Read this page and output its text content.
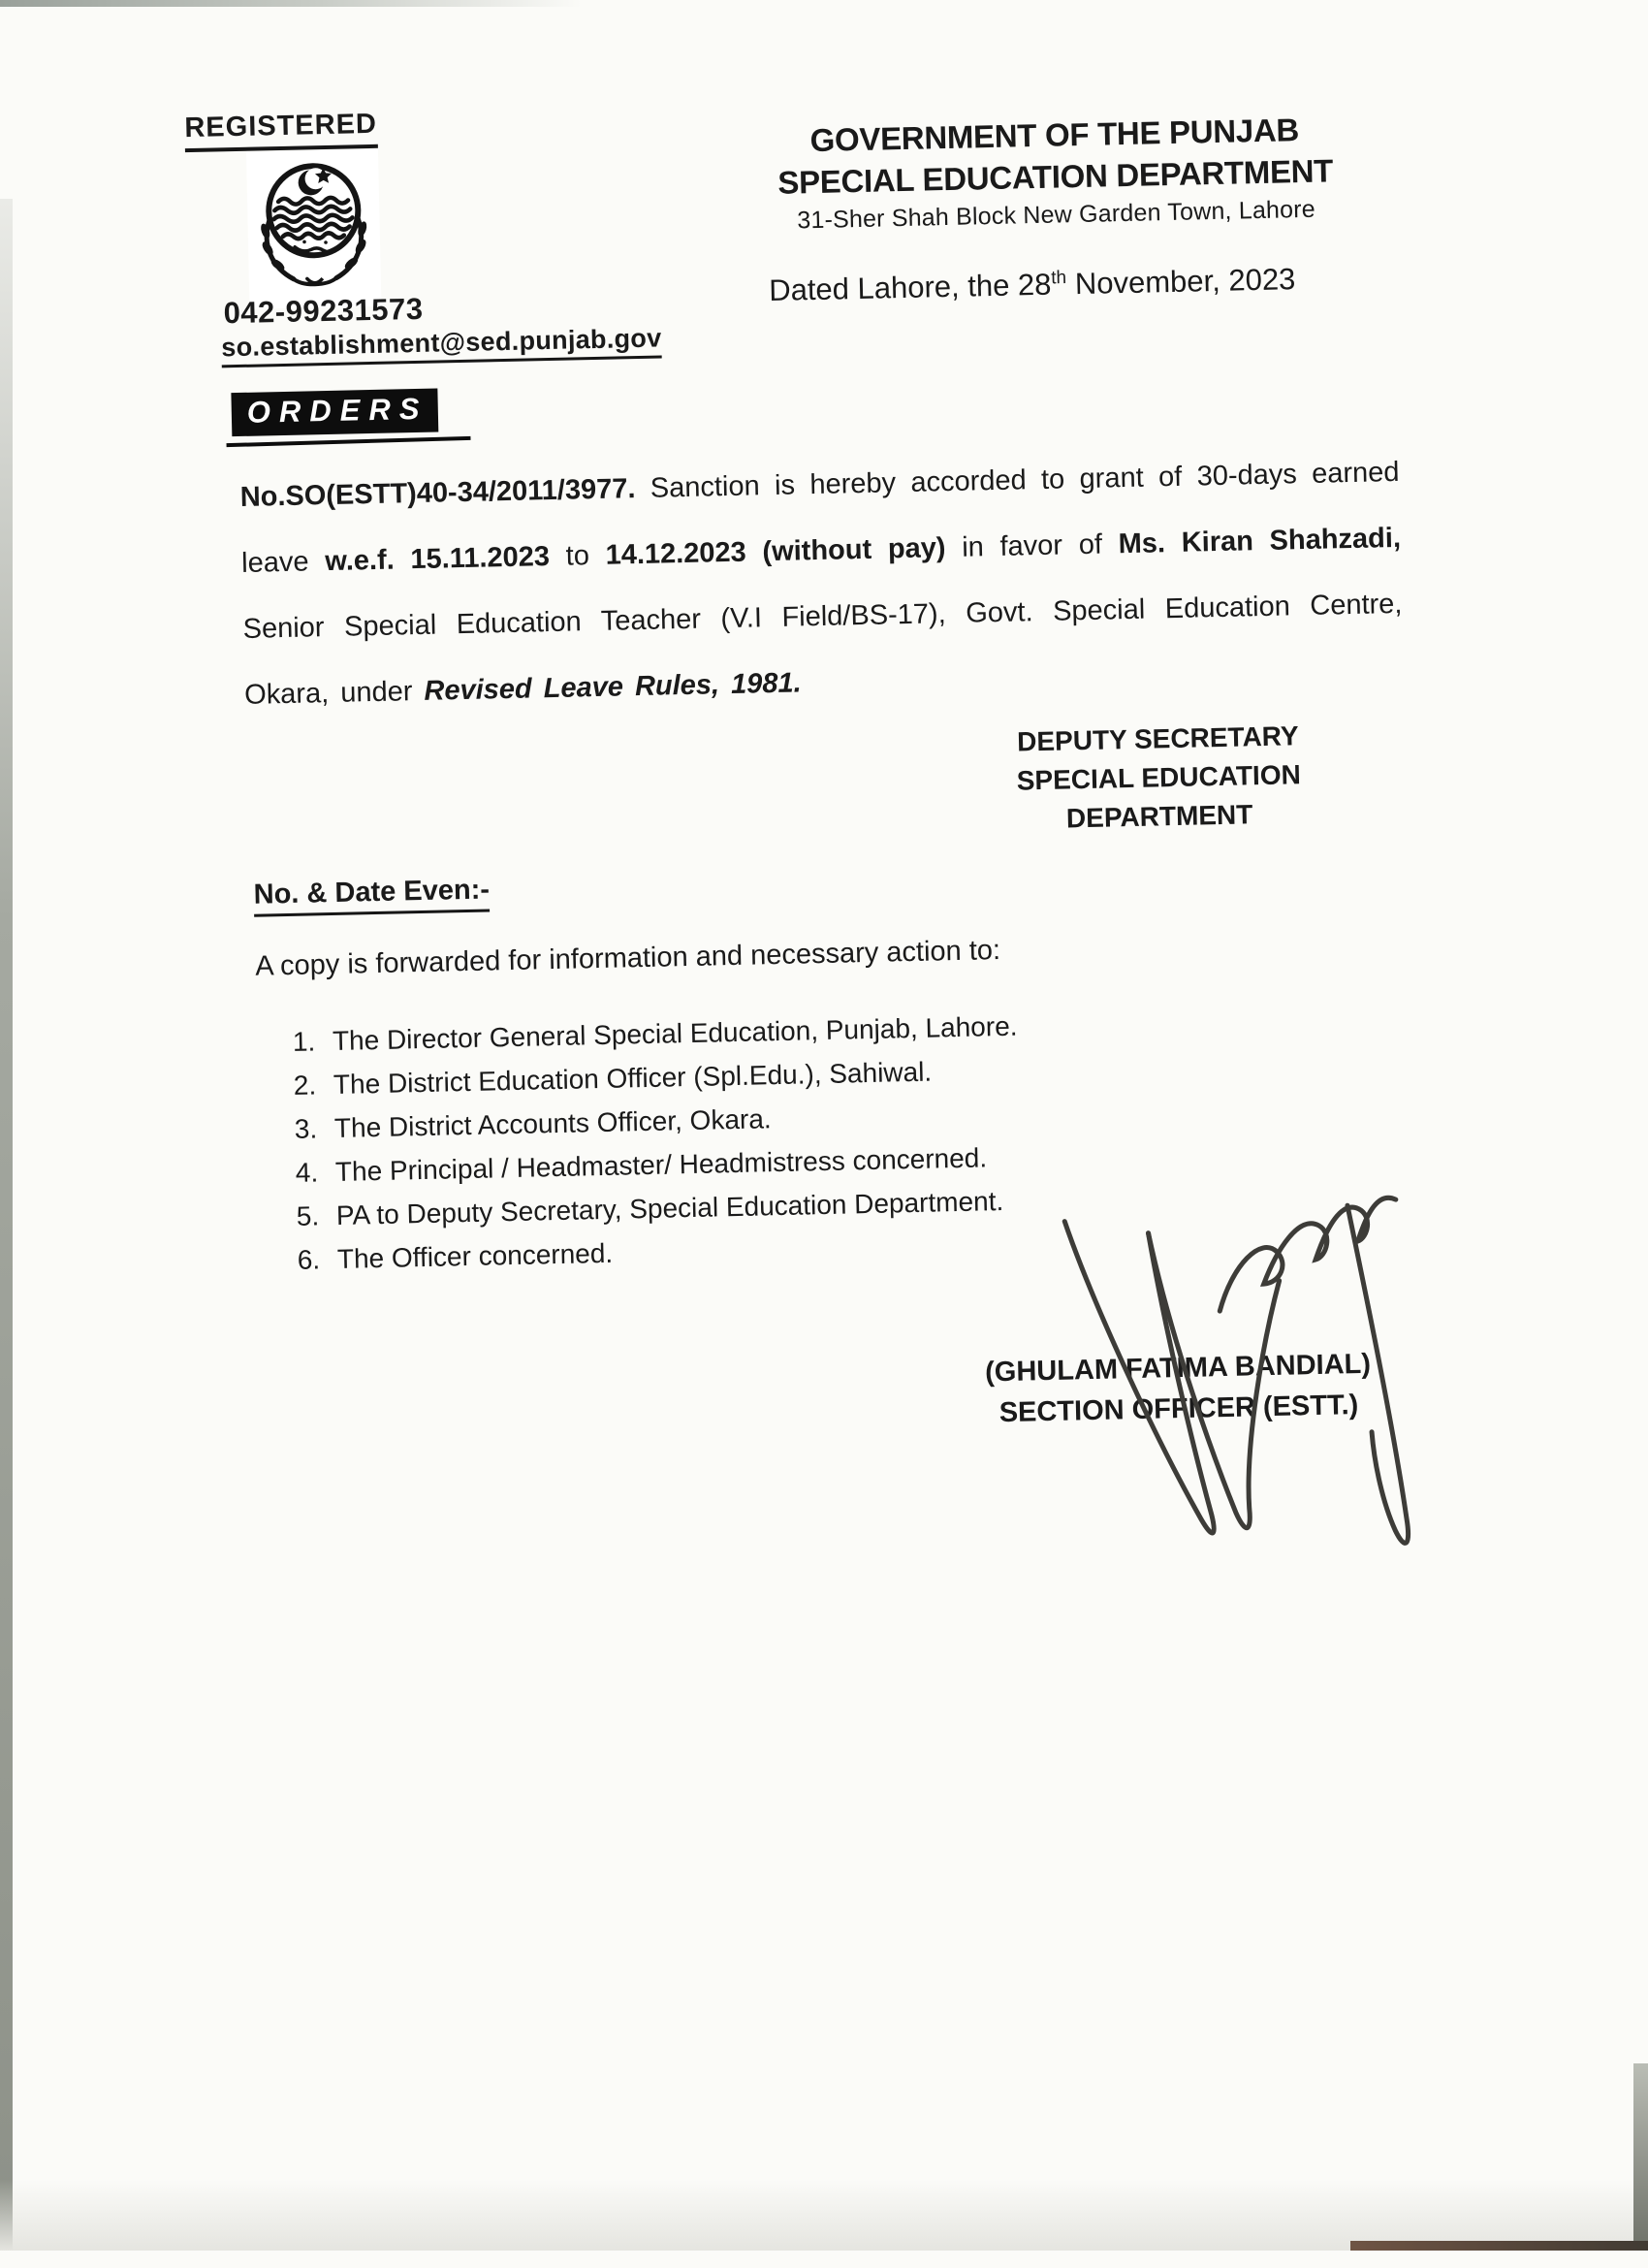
REGISTERED
042-99231573
so.establishment@sed.punjab.gov
GOVERNMENT OF THE PUNJAB
SPECIAL EDUCATION DEPARTMENT
31-Sher Shah Block New Garden Town, Lahore
Dated Lahore, the 28th November, 2023
ORDERS
No.SO(ESTT)40-34/2011/3977. Sanction is hereby accorded to grant of 30-days earned leave w.e.f. 15.11.2023 to 14.12.2023 (without pay) in favor of Ms. Kiran Shahzadi, Senior Special Education Teacher (V.I Field/BS-17), Govt. Special Education Centre, Okara, under Revised Leave Rules, 1981.
DEPUTY SECRETARY
SPECIAL EDUCATION
DEPARTMENT
No. & Date Even:-
A copy is forwarded for information and necessary action to:
1. The Director General Special Education, Punjab, Lahore.
2. The District Education Officer (Spl.Edu.), Sahiwal.
3. The District Accounts Officer, Okara.
4. The Principal / Headmaster/ Headmistress concerned.
5. PA to Deputy Secretary, Special Education Department.
6. The Officer concerned.
(GHULAM FATIMA BANDIAL)
SECTION OFFICER (ESTT.)
